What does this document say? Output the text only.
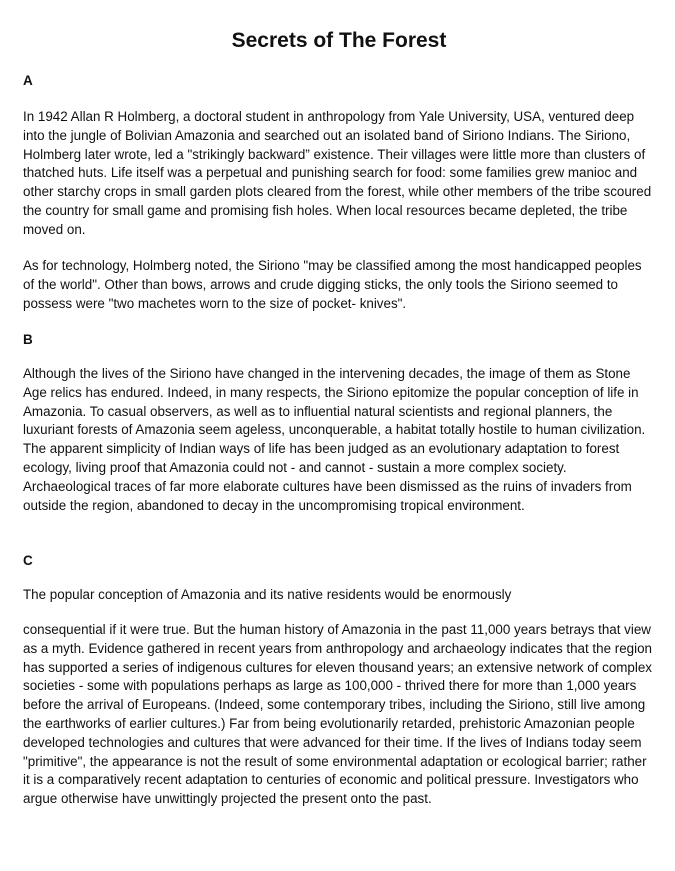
Secrets of The Forest
A

In 1942 Allan R Holmberg, a doctoral student in anthropology from Yale University, USA, ventured deep into the jungle of Bolivian Amazonia and searched out an isolated band of Siriono Indians. The Siriono, Holmberg later wrote, led a "strikingly backward” existence. Their villages were little more than clusters of thatched huts. Life itself was a perpetual and punishing search for food: some families grew manioc and other starchy crops in small garden plots cleared from the forest, while other members of the tribe scoured the country for small game and promising fish holes. When local resources became depleted, the tribe moved on.

As for technology, Holmberg noted, the Siriono "may be classified among the most handicapped peoples of the world". Other than bows, arrows and crude digging sticks, the only tools the Siriono seemed to possess were "two machetes worn to the size of pocket- knives".

B

Although the lives of the Siriono have changed in the intervening decades, the image of them as Stone Age relics has endured. Indeed, in many respects, the Siriono epitomize the popular conception of life in Amazonia. To casual observers, as well as to influential natural scientists and regional planners, the luxuriant forests of Amazonia seem ageless, unconquerable, a habitat totally hostile to human civilization. The apparent simplicity of Indian ways of life has been judged as an evolutionary adaptation to forest ecology, living proof that Amazonia could not - and cannot - sustain a more complex society. Archaeological traces of far more elaborate cultures have been dismissed as the ruins of invaders from outside the region, abandoned to decay in the uncompromising tropical environment.

C

The popular conception of Amazonia and its native residents would be enormously

consequential if it were true. But the human history of Amazonia in the past 11,000 years betrays that view as a myth. Evidence gathered in recent years from anthropology and archaeology indicates that the region has supported a series of indigenous cultures for eleven thousand years; an extensive network of complex societies - some with populations perhaps as large as 100,000 - thrived there for more than 1,000 years before the arrival of Europeans. (Indeed, some contemporary tribes, including the Siriono, still live among the earthworks of earlier cultures.) Far from being evolutionarily retarded, prehistoric Amazonian people developed technologies and cultures that were advanced for their time. If the lives of Indians today seem "primitive", the appearance is not the result of some environmental adaptation or ecological barrier; rather it is a comparatively recent adaptation to centuries of economic and political pressure. Investigators who argue otherwise have unwittingly projected the present onto the past.
